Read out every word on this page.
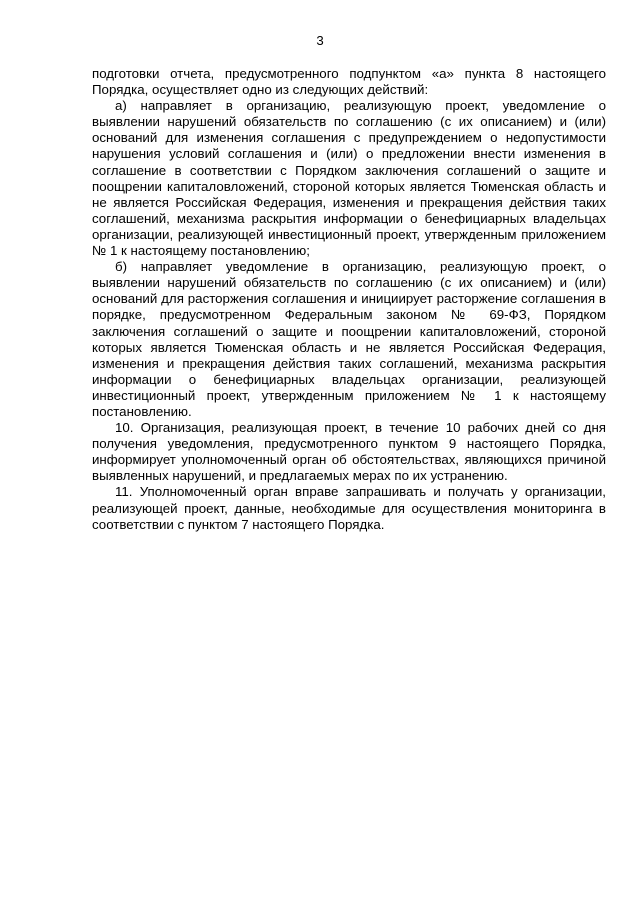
3

подготовки отчета, предусмотренного подпунктом «а» пункта 8 настоящего Порядка, осуществляет одно из следующих действий:

а) направляет в организацию, реализующую проект, уведомление о выявлении нарушений обязательств по соглашению (с их описанием) и (или) оснований для изменения соглашения с предупреждением о недопустимости нарушения условий соглашения и (или) о предложении внести изменения в соглашение в соответствии с Порядком заключения соглашений о защите и поощрении капиталовложений, стороной которых является Тюменская область и не является Российская Федерация, изменения и прекращения действия таких соглашений, механизма раскрытия информации о бенефициарных владельцах организации, реализующей инвестиционный проект, утвержденным приложением № 1 к настоящему постановлению;

б) направляет уведомление в организацию, реализующую проект, о выявлении нарушений обязательств по соглашению (с их описанием) и (или) оснований для расторжения соглашения и инициирует расторжение соглашения в порядке, предусмотренном Федеральным законом № 69-ФЗ, Порядком заключения соглашений о защите и поощрении капиталовложений, стороной которых является Тюменская область и не является Российская Федерация, изменения и прекращения действия таких соглашений, механизма раскрытия информации о бенефициарных владельцах организации, реализующей инвестиционный проект, утвержденным приложением № 1 к настоящему постановлению.

10. Организация, реализующая проект, в течение 10 рабочих дней со дня получения уведомления, предусмотренного пунктом 9 настоящего Порядка, информирует уполномоченный орган об обстоятельствах, являющихся причиной выявленных нарушений, и предлагаемых мерах по их устранению.

11. Уполномоченный орган вправе запрашивать и получать у организации, реализующей проект, данные, необходимые для осуществления мониторинга в соответствии с пунктом 7 настоящего Порядка.
